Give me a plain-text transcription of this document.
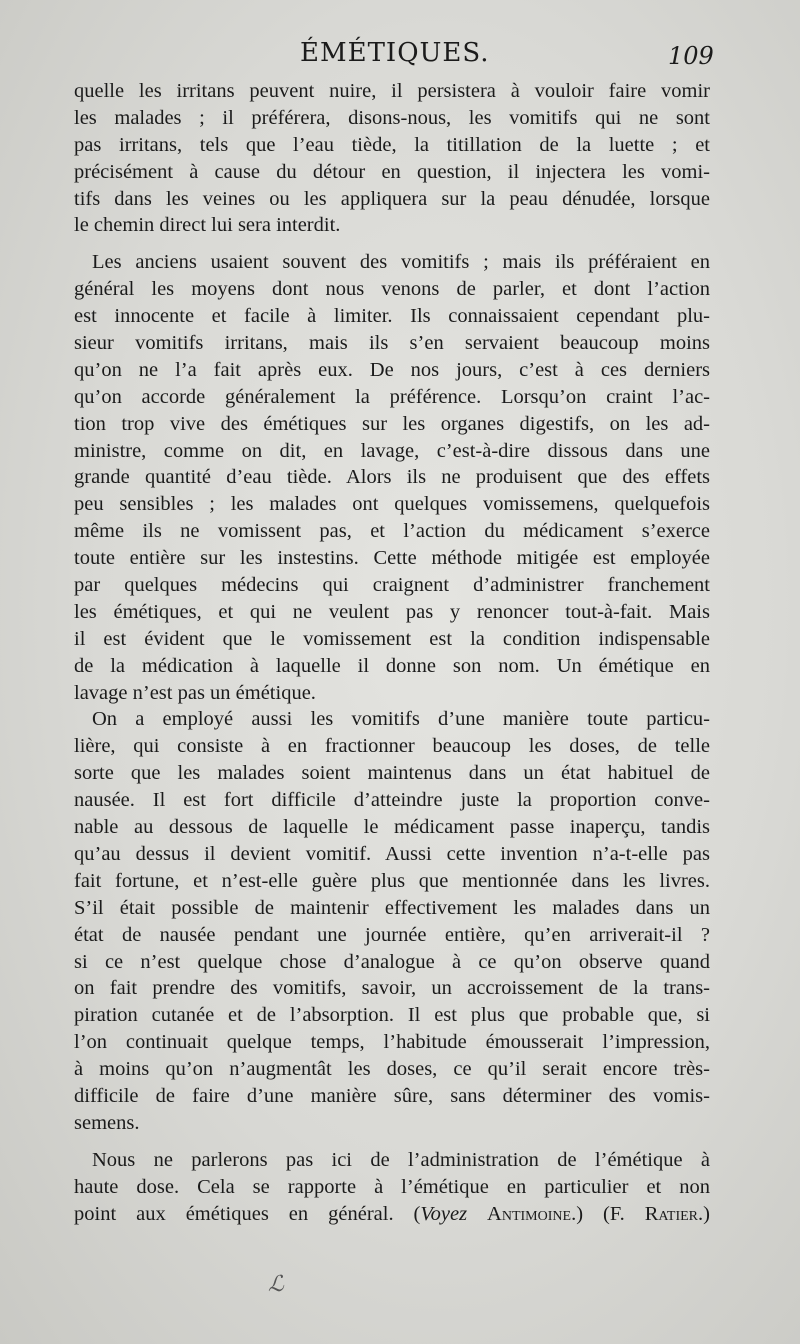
ÉMÉTIQUES.	109
quelle les irritans peuvent nuire, il persistera à vouloir faire vomir
les malades ; il préférera, disons-nous, les vomitifs qui ne sont
pas irritans, tels que l’eau tiède, la titillation de la luette ; et
précisément à cause du détour en question, il injectera les vomi-
tifs dans les veines ou les appliquera sur la peau dénudée, lorsque
le chemin direct lui sera interdit.
Les anciens usaient souvent des vomitifs ; mais ils préféraient en
général les moyens dont nous venons de parler, et dont l’action
est innocente et facile à limiter. Ils connaissaient cependant plu-
sieur vomitifs irritans, mais ils s’en servaient beaucoup moins
qu’on ne l’a fait après eux. De nos jours, c’est à ces derniers
qu’on accorde généralement la préférence. Lorsqu’on craint l’ac-
tion trop vive des émétiques sur les organes digestifs, on les ad-
ministre, comme on dit, en lavage, c’est-à-dire dissous dans une
grande quantité d’eau tiède. Alors ils ne produisent que des effets
peu sensibles ; les malades ont quelques vomissemens, quelquefois
même ils ne vomissent pas, et l’action du médicament s’exerce
toute entière sur les instestins. Cette méthode mitigée est employée
par quelques médecins qui craignent d’administrer franchement
les émétiques, et qui ne veulent pas y renoncer tout-à-fait. Mais
il est évident que le vomissement est la condition indispensable
de la médication à laquelle il donne son nom. Un émétique en
lavage n’est pas un émétique.
On a employé aussi les vomitifs d’une manière toute particu-
lière, qui consiste à en fractionner beaucoup les doses, de telle
sorte que les malades soient maintenus dans un état habituel de
nausée. Il est fort difficile d’atteindre juste la proportion conve-
nable au dessous de laquelle le médicament passe inaperçu, tandis
qu’au dessus il devient vomitif. Aussi cette invention n’a-t-elle pas
fait fortune, et n’est-elle guère plus que mentionnée dans les livres.
S’il était possible de maintenir effectivement les malades dans un
état de nausée pendant une journée entière, qu’en arriverait-il ?
si ce n’est quelque chose d’analogue à ce qu’on observe quand
on fait prendre des vomitifs, savoir, un accroissement de la trans-
piration cutanée et de l’absorption. Il est plus que probable que, si
l’on continuait quelque temps, l’habitude émousserait l’impression,
à moins qu’on n’augmentât les doses, ce qu’il serait encore très-
difficile de faire d’une manière sûre, sans déterminer des vomis-
semens.
Nous ne parlerons pas ici de l’administration de l’émétique à
haute dose. Cela se rapporte à l’émétique en particulier et non
point aux émétiques en général. (Voyez Antimoine.) (F. Ratier.)
ℒ
